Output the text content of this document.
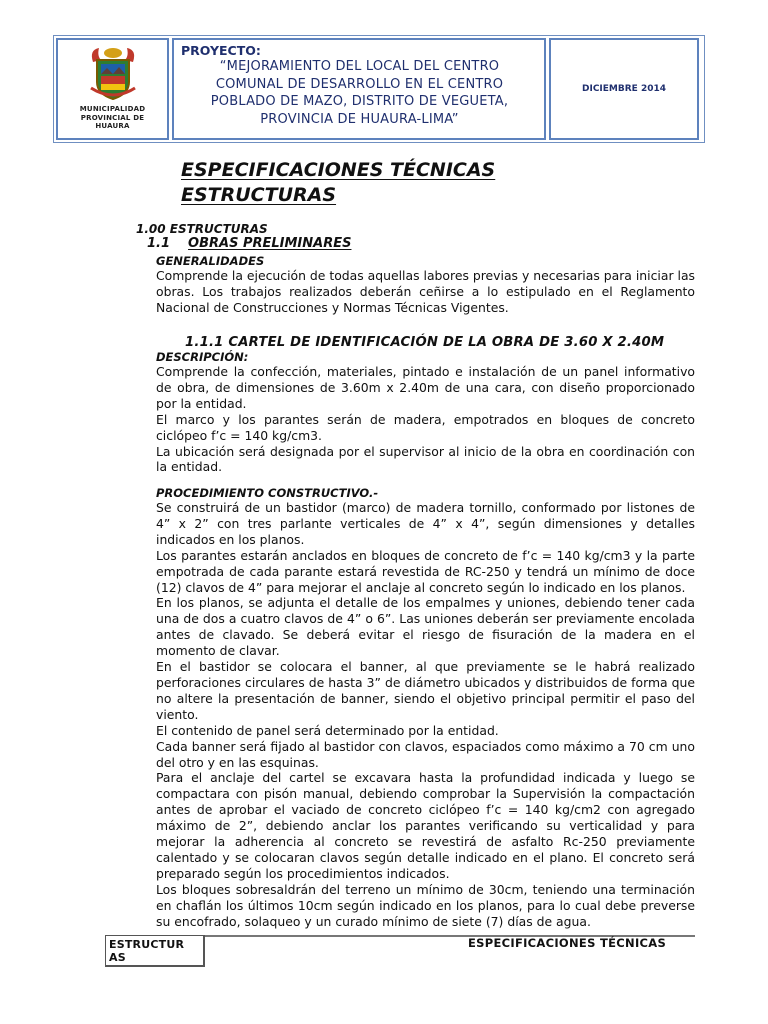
MUNICIPALIDAD
PROVINCIAL DE
HUAURA
PROYECTO:
“MEJORAMIENTO DEL LOCAL DEL CENTRO
COMUNAL DE DESARROLLO EN EL CENTRO
POBLADO DE MAZO, DISTRITO DE VEGUETA,
PROVINCIA DE HUAURA-LIMA”
DICIEMBRE 2014
ESPECIFICACIONES TÉCNICAS
ESTRUCTURAS
1.00 ESTRUCTURAS
1.1 OBRAS PRELIMINARES
GENERALIDADES

Comprende la ejecución de todas aquellas labores previas y necesarias para iniciar las obras. Los trabajos realizados deberán ceñirse a lo estipulado en el Reglamento Nacional de Construcciones y Normas Técnicas Vigentes.

1.1.1 CARTEL DE IDENTIFICACIÓN DE LA OBRA DE 3.60 X 2.40M
DESCRIPCIÓN:

Comprende la confección, materiales, pintado e instalación de un panel informativo de obra, de dimensiones de 3.60m x 2.40m de una cara, con diseño proporcionado por la entidad.

El marco y los parantes serán de madera, empotrados en bloques de concreto ciclópeo f’c = 140 kg/cm3.

La ubicación será designada por el supervisor al inicio de la obra en coordinación con la entidad.

PROCEDIMIENTO CONSTRUCTIVO.-

Se construirá de un bastidor (marco) de madera tornillo, conformado por listones de 4” x 2” con tres parlante verticales de 4” x 4”, según dimensiones y detalles indicados en los planos.

Los parantes estarán anclados en bloques de concreto de f’c = 140 kg/cm3 y la parte empotrada de cada parante estará revestida de RC-250 y tendrá un mínimo de doce (12) clavos de 4” para mejorar el anclaje al concreto según lo indicado en los planos.

En los planos, se adjunta el detalle de los empalmes y uniones, debiendo tener cada una de dos a cuatro clavos de 4” o 6”. Las uniones deberán ser previamente encolada antes de clavado. Se deberá evitar el riesgo de fisuración de la madera en el momento de clavar.

En el bastidor se colocara el banner, al que previamente se le habrá realizado perforaciones circulares de hasta 3” de diámetro ubicados y distribuidos de forma que no altere la presentación de banner, siendo el objetivo principal permitir el paso del viento.

El contenido de panel será determinado por la entidad.

Cada banner será fijado al bastidor con clavos, espaciados como máximo a 70 cm uno del otro y en las esquinas.

Para el anclaje del cartel se excavara hasta la profundidad indicada y luego se compactara con pisón manual, debiendo comprobar la Supervisión la compactación antes de aprobar el vaciado de concreto ciclópeo f’c = 140 kg/cm2 con agregado máximo de 2”, debiendo anclar los parantes verificando su verticalidad y para mejorar la adherencia al concreto se revestirá de asfalto Rc-250 previamente calentado y se colocaran clavos según detalle indicado en el plano. El concreto será preparado según los procedimientos indicados.

Los bloques sobresaldrán del terreno un mínimo de 30cm, teniendo una terminación en chaflán los últimos 10cm según indicado en los planos, para lo cual debe preverse su encofrado, solaqueo y un curado mínimo de siete (7) días de agua.

ESTRUCTUR
AS
ESPECIFICACIONES TÉCNICAS
